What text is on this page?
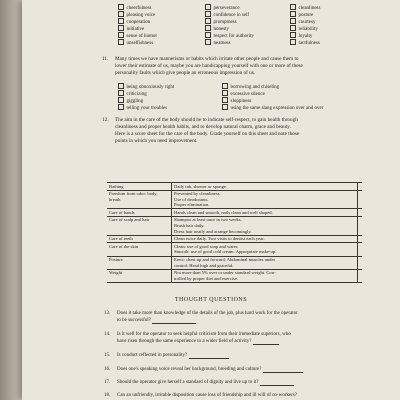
cheerfulness	perseverance	cleanliness
pleasing voice	confidence in self	posture
cooperation	promptness	courtesy
initiative	honesty	reliability
sense of humor	respect for authority	loyalty
unselfishness	neatness	tactfulness
11. Many times we have mannerisms or habits which irritate other people and cause them to
lower their estimate of us, maybe you are handicapping yourself with one or more of these
personality faults which give people an erroneous impression of us.
being obnoxiously right	borrowing and chiseling
criticizing	excessive silence
giggling	sloppiness
telling your troubles	using the same slang expression over and over
12. The aim in the care of the body should be to indicate self-respect, to gain health through
cleanliness and proper health habits, and to develop natural charm, grace and beauty.
Here is a score sheet for the care of the body. Grade yourself on this sheet and note those
points in which you need improvement.
Bathing	Daily tub, shower or sponge.	

Freedom from odor: body, breath	Prevented by cleanliness.
Use of deodorants.
Proper elimination.	

Care of hands	Hands clean and smooth, nails clean and well shaped.	

Care of scalp and hair	Shampoo at least once in two weeks.
Brush hair daily.
Dress hair neatly and arrange becomingly.	

Care of teeth	Clean twice daily. Two visits to dentist each year.	

Care of the skin	Clean: use of good soap and water.
Smooth: use of good cold cream. Appropriate make-up.	

Posture	Erect: chest up and forward. Abdominal muscles under
control. Head high and graceful.	

Weight	Not more than 5% over or under standard weight. Con-
trolled by proper diet and exercise.	

THOUGHT QUESTIONS
13. Does it take more than knowledge of the details of the job, plus hard work for the operator
to be successful?
14. Is it well for the operator to seek helpful criticism from their immediate superiors, who
have risen through the same experience to a wider field of activity?
15. Is conduct reflected in personality?
16. Does one's speaking voice reveal her background, breeding and culture?
17. Should the operator give herself a standard of dignity and live up to it?
18. Can an unfriendly, irritable disposition cause loss of friendship and ill will of co-workers?
